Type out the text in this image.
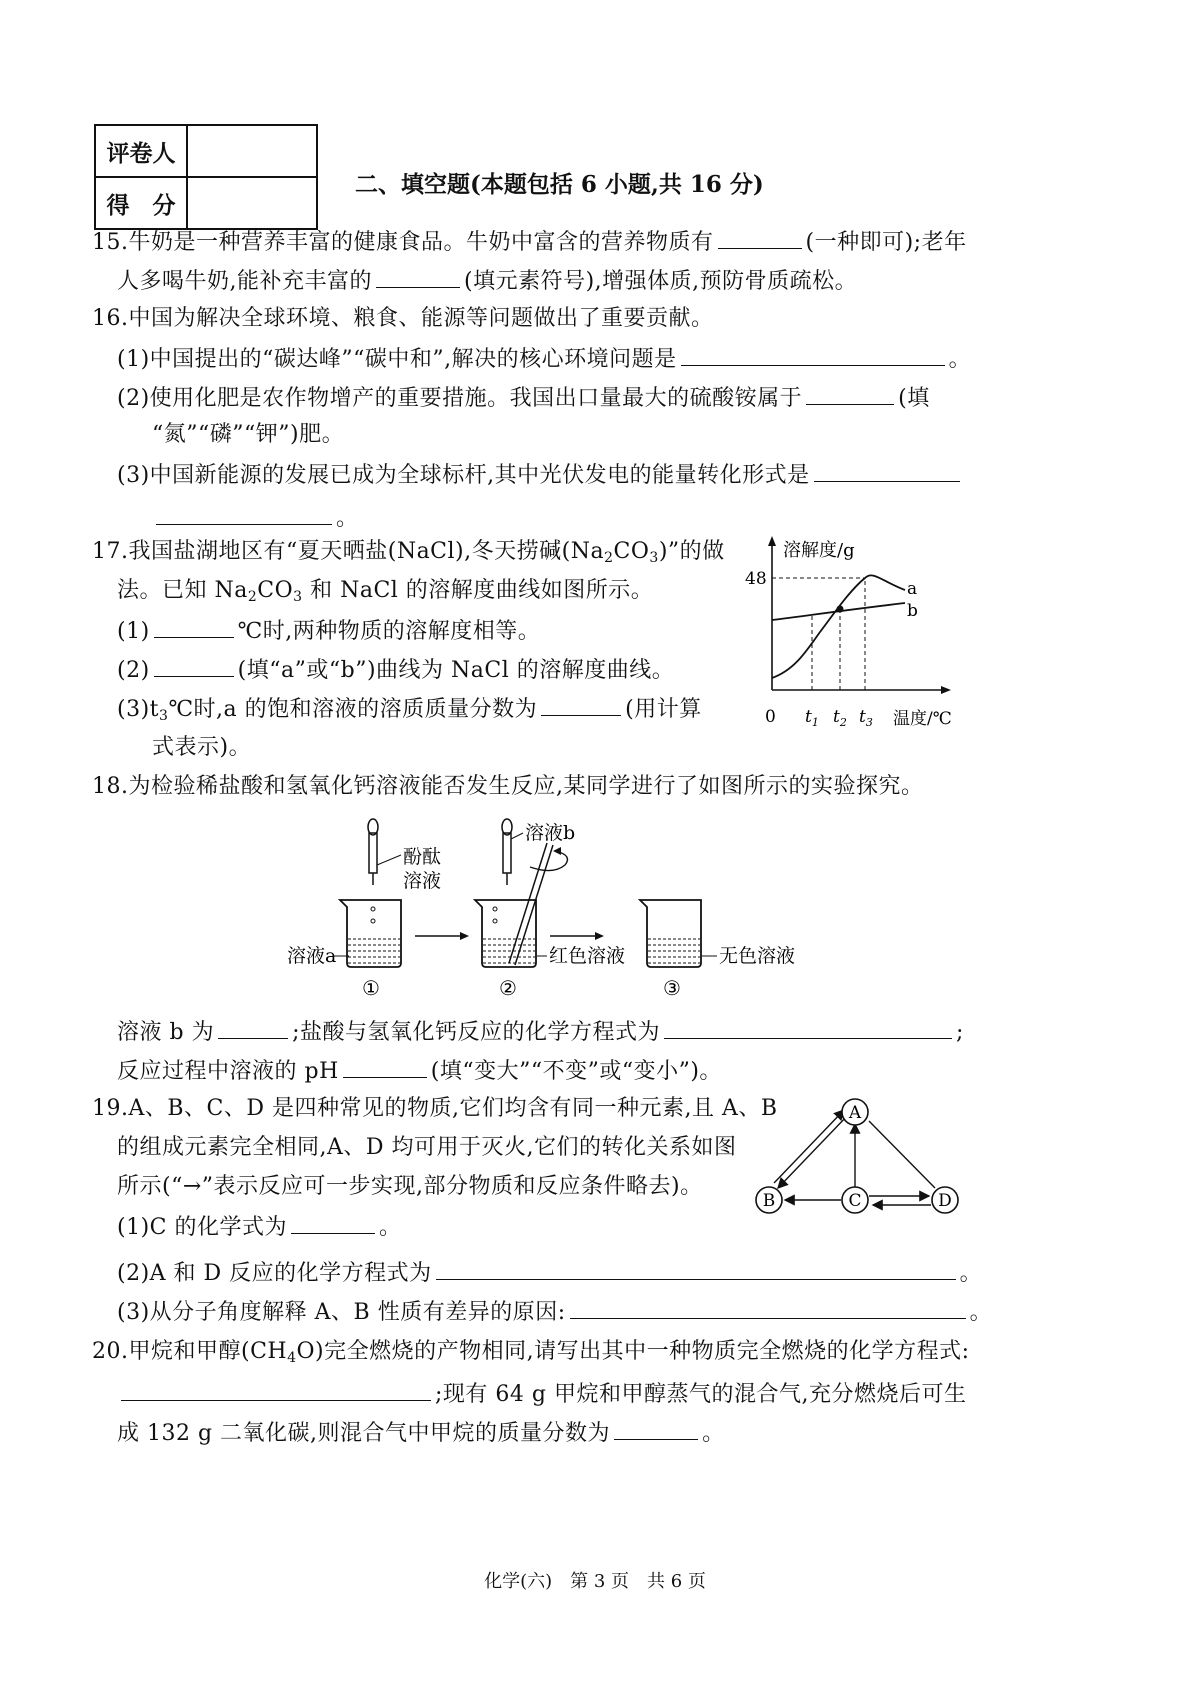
评卷人	
得　分	
二、填空题(本题包括 6 小题,共 16 分)
15.牛奶是一种营养丰富的健康食品。牛奶中富含的营养物质有	(一种即可);老年
人多喝牛奶,能补充丰富的	(填元素符号),增强体质,预防骨质疏松。
16.中国为解决全球环境、粮食、能源等问题做出了重要贡献。
(1)中国提出的“碳达峰”“碳中和”,解决的核心环境问题是	。
(2)使用化肥是农作物增产的重要措施。我国出口量最大的硫酸铵属于	(填
“氮”“磷”“钾”)肥。
(3)中国新能源的发展已成为全球标杆,其中光伏发电的能量转化形式是
。
17.我国盐湖地区有“夏天晒盐(NaCl),冬天捞碱$(Na_2CO_3)$”的做
法。已知 $Na_2CO_3$ 和 NaCl 的溶解度曲线如图所示。
(1)	℃时,两种物质的溶解度相等。
(2)	(填“a”或“b”)曲线为 NaCl 的溶解度曲线。
$(3)t_3℃$时,a 的饱和溶液的溶质质量分数为	(用计算
式表示)。
溶解度/g
48	a
b
0 $t_1$ $t_2$ $t_3$ 温度/℃
18.为检验稀盐酸和氢氧化钙溶液能否发生反应,某同学进行了如图所示的实验探究。
酚酞
溶液
溶液a
溶液b
红色溶液	无色溶液
①	②	③
溶液 b 为	;盐酸与氢氧化钙反应的化学方程式为	;
反应过程中溶液的 pH	(填“变大”“不变”或“变小”)。
19.A、B、C、D 是四种常见的物质,它们均含有同一种元素,且 A、B
的组成元素完全相同,A、D 均可用于灭火,它们的转化关系如图
所示(“→”表示反应可一步实现,部分物质和反应条件略去)。
(1)C 的化学式为	。
(2)A 和 D 反应的化学方程式为	。
(3)从分子角度解释 A、B 性质有差异的原因:	。
A
B	C	D
20.甲烷和甲醇$(CH_4O)$完全燃烧的产物相同,请写出其中一种物质完全燃烧的化学方程式:
;现有 64 g 甲烷和甲醇蒸气的混合气,充分燃烧后可生
成 132 g 二氧化碳,则混合气中甲烷的质量分数为	。
化学(六)　第 3 页　共 6 页
